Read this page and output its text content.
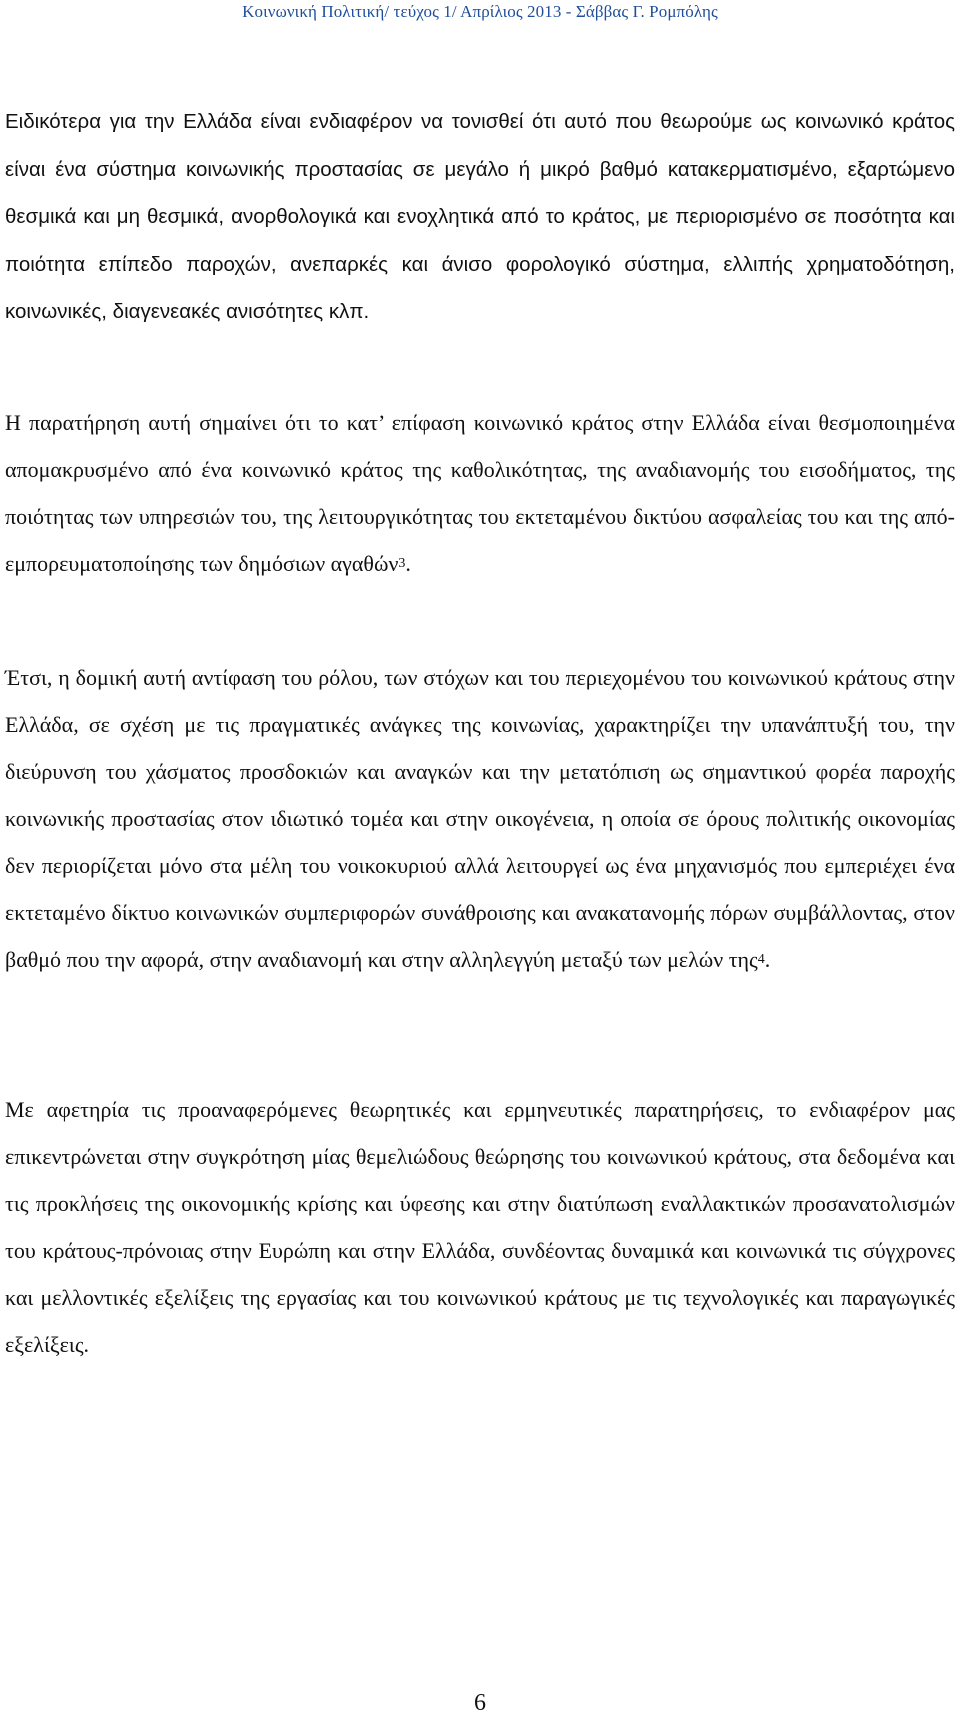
Κοινωνική Πολιτική/ τεύχος 1/ Απρίλιος 2013 - Σάββας Γ. Ρομπόλης

Ειδικότερα για την Ελλάδα είναι ενδιαφέρον να τονισθεί ότι αυτό που θεωρούμε ως κοινωνικό κράτος είναι ένα σύστημα κοινωνικής προστασίας σε μεγάλο ή μικρό βαθμό κατακερματισμένο, εξαρτώμενο θεσμικά και μη θεσμικά, ανορθολογικά και ενοχλητικά από το κράτος, με περιορισμένο σε ποσότητα και ποιότητα επίπεδο παροχών, ανεπαρκές και άνισο φορολογικό σύστημα, ελλιπής χρηματοδότηση, κοινωνικές, διαγενεακές ανισότητες κλπ.

Η παρατήρηση αυτή σημαίνει ότι το κατ’ επίφαση κοινωνικό κράτος στην Ελλάδα είναι θεσμοποιημένα απομακρυσμένο από ένα κοινωνικό κράτος της καθολικότητας, της αναδιανομής του εισοδήματος, της ποιότητας των υπηρεσιών του, της λειτουργικότητας του εκτεταμένου δικτύου ασφαλείας του και της από-εμπορευματοποίησης των δημόσιων αγαθών$^3$.

Έτσι, η δομική αυτή αντίφαση του ρόλου, των στόχων και του περιεχομένου του κοινωνικού κράτους στην Ελλάδα, σε σχέση με τις πραγματικές ανάγκες της κοινωνίας, χαρακτηρίζει την υπανάπτυξή του, την διεύρυνση του χάσματος προσδοκιών και αναγκών και την μετατόπιση ως σημαντικού φορέα παροχής κοινωνικής προστασίας στον ιδιωτικό τομέα και στην οικογένεια, η οποία σε όρους πολιτικής οικονομίας δεν περιορίζεται μόνο στα μέλη του νοικοκυριού αλλά λειτουργεί ως ένα μηχανισμός που εμπεριέχει ένα εκτεταμένο δίκτυο κοινωνικών συμπεριφορών συνάθροισης και ανακατανομής πόρων συμβάλλοντας, στον βαθμό που την αφορά, στην αναδιανομή και στην αλληλεγγύη μεταξύ των μελών της$^4$.

Με αφετηρία τις προαναφερόμενες θεωρητικές και ερμηνευτικές παρατηρήσεις, το ενδιαφέρον μας επικεντρώνεται στην συγκρότηση μίας θεμελιώδους θεώρησης του κοινωνικού κράτους, στα δεδομένα και τις προκλήσεις της οικονομικής κρίσης και ύφεσης και στην διατύπωση εναλλακτικών προσανατολισμών του κράτους-πρόνοιας στην Ευρώπη και στην Ελλάδα, συνδέοντας δυναμικά και κοινωνικά τις σύγχρονες και μελλοντικές εξελίξεις της εργασίας και του κοινωνικού κράτους με τις τεχνολογικές και παραγωγικές εξελίξεις.

6
